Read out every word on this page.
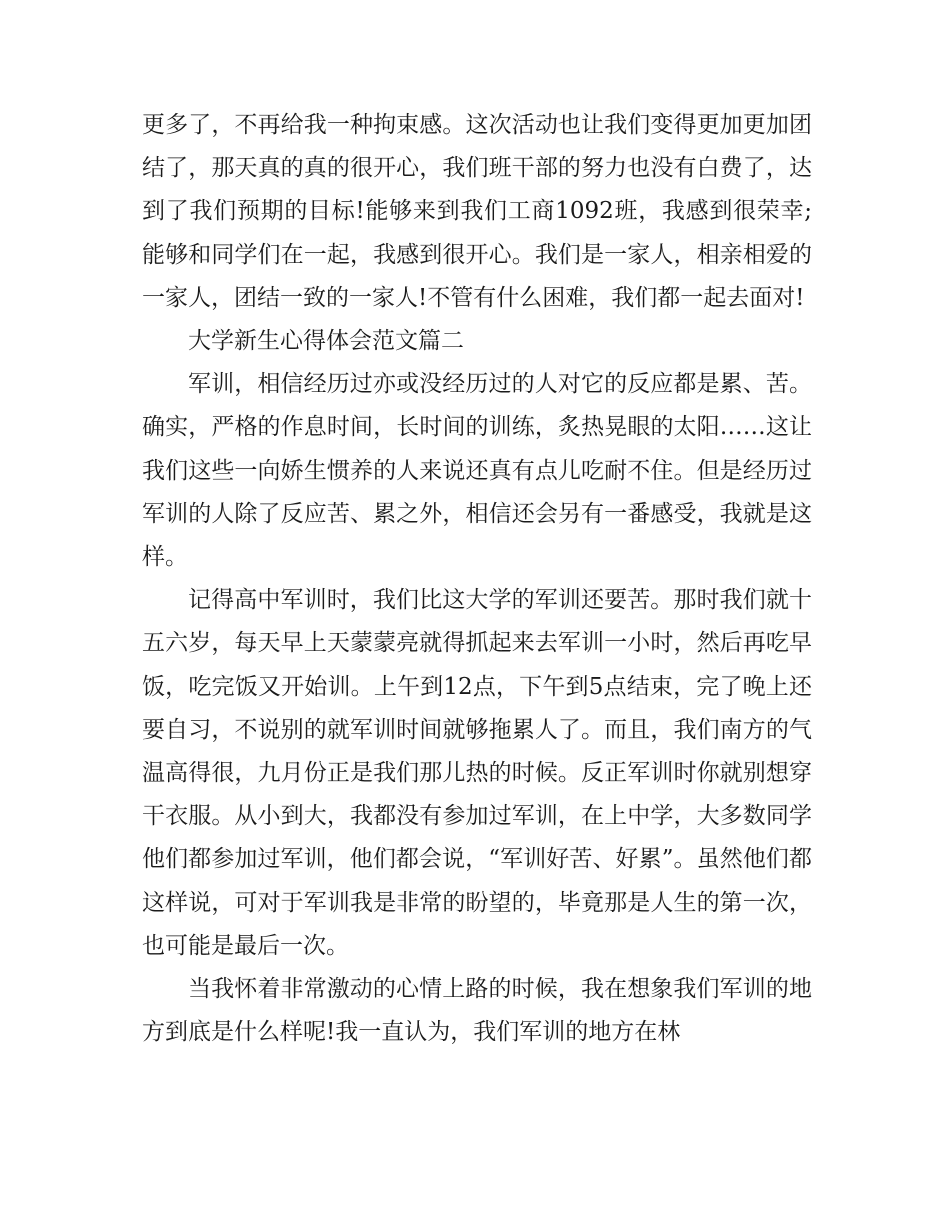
更多了，不再给我一种拘束感。这次活动也让我们变得更加更加团结了，那天真的真的很开心，我们班干部的努力也没有白费了，达到了我们预期的目标!能够来到我们工商1092班，我感到很荣幸;能够和同学们在一起，我感到很开心。我们是一家人，相亲相爱的一家人，团结一致的一家人!不管有什么困难，我们都一起去面对!

大学新生心得体会范文篇二

军训，相信经历过亦或没经历过的人对它的反应都是累、苦。确实，严格的作息时间，长时间的训练，炙热晃眼的太阳……这让我们这些一向娇生惯养的人来说还真有点儿吃耐不住。但是经历过军训的人除了反应苦、累之外，相信还会另有一番感受，我就是这样。

记得高中军训时，我们比这大学的军训还要苦。那时我们就十五六岁，每天早上天蒙蒙亮就得抓起来去军训一小时，然后再吃早饭，吃完饭又开始训。上午到12点，下午到5点结束，完了晚上还要自习，不说别的就军训时间就够拖累人了。而且，我们南方的气温高得很，九月份正是我们那儿热的时候。反正军训时你就别想穿干衣服。从小到大，我都没有参加过军训，在上中学，大多数同学他们都参加过军训，他们都会说，“军训好苦、好累”。虽然他们都这样说，可对于军训我是非常的盼望的，毕竟那是人生的第一次，也可能是最后一次。

当我怀着非常激动的心情上路的时候，我在想象我们军训的地方到底是什么样呢!我一直认为，我们军训的地方在林
